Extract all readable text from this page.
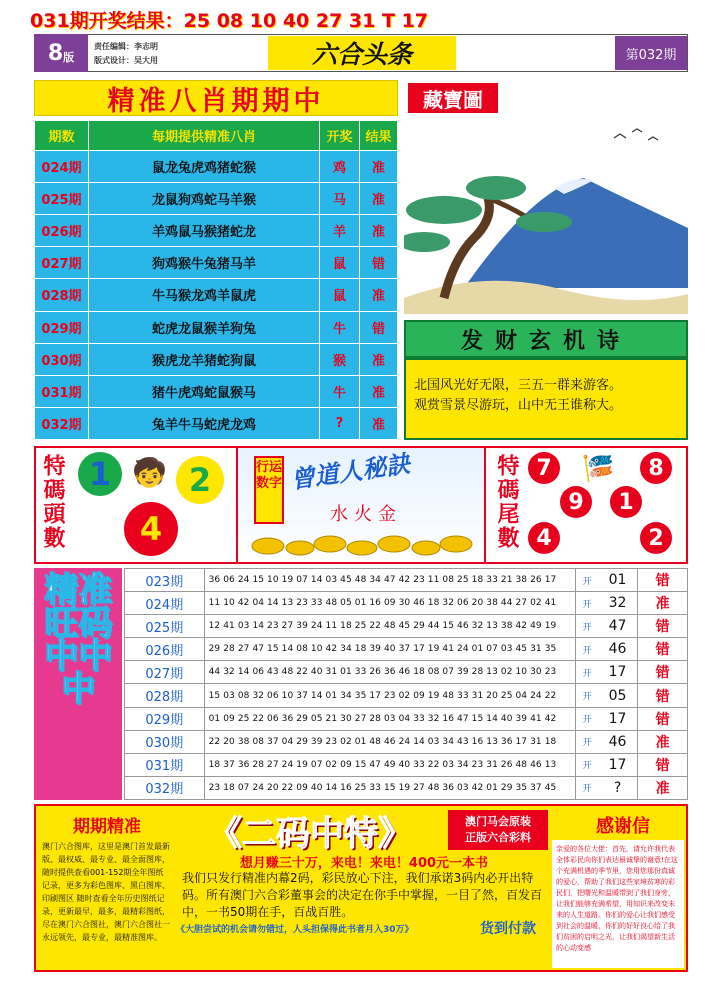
031期开奖结果：25 08 10 40 27 31 T 17
8 版
责任编辑：李志明
版式设计：吴大用	六合头条	第032期
精准八肖期期中	藏寶圖
期数	每期提供精准八肖	开奖	结果
024期	鼠龙兔虎鸡猪蛇猴	鸡	准
025期	龙鼠狗鸡蛇马羊猴	马	准
026期	羊鸡鼠马猴猪蛇龙	羊	准
027期	狗鸡猴牛兔猪马羊	鼠	错
028期	牛马猴龙鸡羊鼠虎	鼠	准
029期	蛇虎龙鼠猴羊狗兔	牛	错
030期	猴虎龙羊猪蛇狗鼠	猴	准
031期	猪牛虎鸡蛇鼠猴马	牛	准
032期	兔羊牛马蛇虎龙鸡	?	准
发财玄机诗
北国风光好无限，三五一群来游客。
观赏雪景尽游玩，山中无王谁称大。
特碼頭數 1	2
4
🧒	行运数字 曾道人秘訣
水火金	特碼尾數 7	8
9	1
4	2
🎏
精准旺码中中中
023期	36 06 24 15 10 19 07 14 03 45 48 34 47 42 23 11 08 25 18 33 21 38 26 17	开	01	错
024期	11 10 42 04 14 13 23 33 48 05 01 16 09 30 46 18 32 06 20 38 44 27 02 41	开	32	准
025期	12 41 03 14 23 27 39 24 11 18 25 22 48 45 29 44 15 46 32 13 38 42 49 19	开	47	错
026期	29 28 27 47 15 14 08 10 42 34 18 39 40 37 17 19 41 24 01 07 03 45 31 35	开	46	错
027期	44 32 14 06 43 48 22 40 31 01 33 26 36 46 18 08 07 39 28 13 02 10 30 23	开	17	错
028期	15 03 08 32 06 10 37 14 01 34 35 17 23 02 09 19 48 33 31 20 25 04 24 22	开	05	错
029期	01 09 25 22 06 36 29 05 21 30 27 28 03 04 33 32 16 47 15 14 40 39 41 42	开	17	错
030期	22 20 38 08 37 04 29 39 23 02 01 48 46 24 14 03 34 43 16 13 36 17 31 18	开	46	准
031期	18 37 36 28 27 24 19 07 02 09 15 47 49 40 33 22 03 34 23 31 26 48 46 13	开	17	错
032期	23 18 07 24 20 22 09 40 14 16 25 33 15 19 27 48 36 03 42 01 29 35 37 45	开	?	准
期期精准
澳门六合图库，这里是澳门首发最新版、最权威、最专业、最全面图库，随时提供查看001-152期全年图纸记录，更多为彩色图库、黑白图库、印刷图区 随时查看全年历史图纸记录，更新最早，最多，最精彩图纸，尽在澳门六合图社，澳门六合图社一永远领先，最专业，最精准图库。
《二码中特》	澳门马会原装
正版六合彩料
想月赚三十万，来电！来电！400元一本书
我们只发行精准内幕2码，彩民放心下注，我们承诺3码内必开出特码。所有澳门六合彩董事会的决定在你手中掌握，一目了然，百发百中，一书50期在手，百战百胜。
《大胆尝试的机会请勿错过，人头担保得此书者月入30万》	货到付款
感谢信
亲爱的各位大佬：首先，请允许我代表全体彩民向你们表达最诚挚的谢意!在这个充满机遇的季节里，您用您那份真诚的爱心，帮助了我们这些家境贫寒的彩民们，把曙光和温暖带到了我们身旁，让我们能够充满希望，用知识来改变未来的人生道路。你们的爱心让我们感受到社会的温暖，你们的好好良心给了我们贫困的启明之光，让我们渴望新生活的心动变感
